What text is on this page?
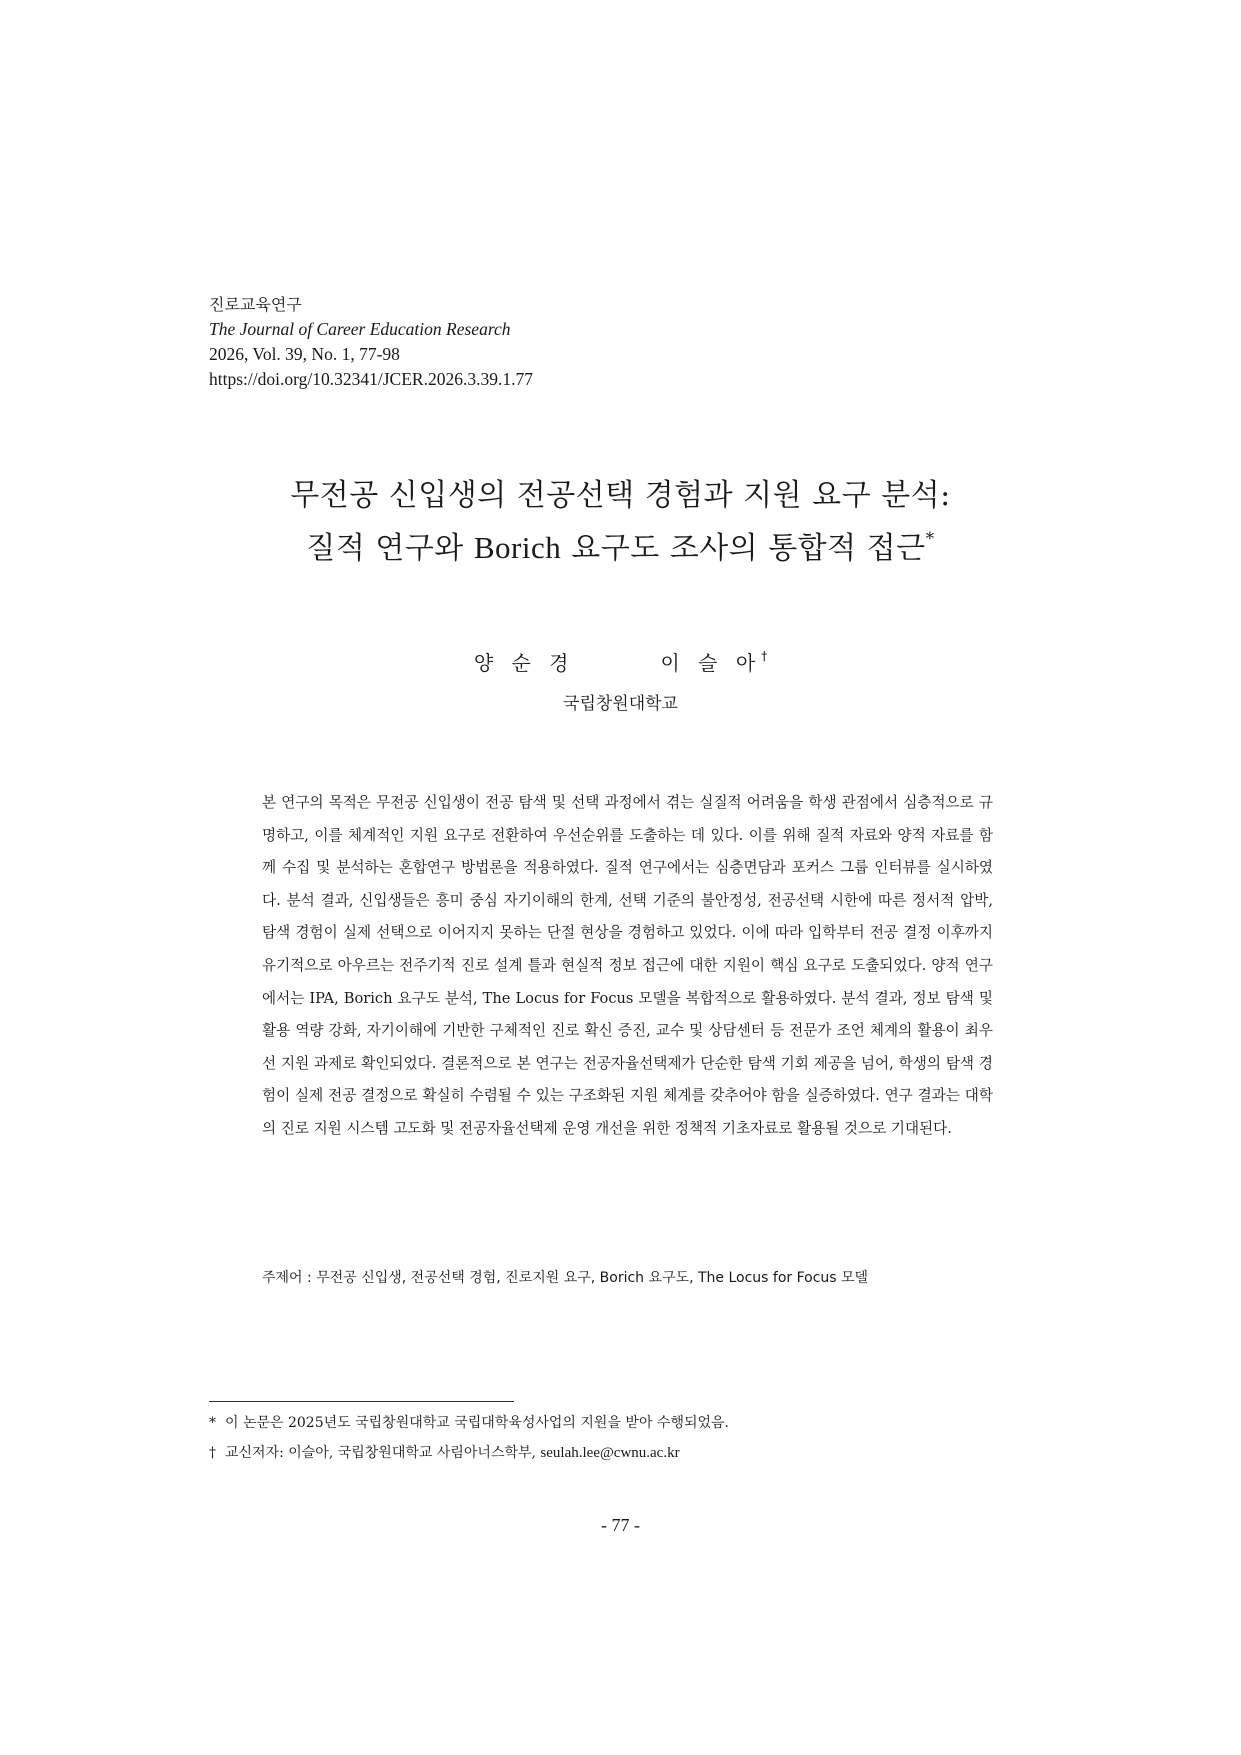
진로교육연구
The Journal of Career Education Research
2026, Vol. 39, No. 1, 77-98
https://doi.org/10.32341/JCER.2026.3.39.1.77
무전공 신입생의 전공선택 경험과 지원 요구 분석:
질적 연구와 Borich 요구도 조사의 통합적 접근*
양 순 경	이 슬 아†
국립창원대학교

본 연구의 목적은 무전공 신입생이 전공 탐색 및 선택 과정에서 겪는 실질적 어려움을 학생 관점에서 심층적으로 규명하고, 이를 체계적인 지원 요구로 전환하여 우선순위를 도출하는 데 있다. 이를 위해 질적 자료와 양적 자료를 함께 수집 및 분석하는 혼합연구 방법론을 적용하였다. 질적 연구에서는 심층면담과 포커스 그룹 인터뷰를 실시하였다. 분석 결과, 신입생들은 흥미 중심 자기이해의 한계, 선택 기준의 불안정성, 전공선택 시한에 따른 정서적 압박, 탐색 경험이 실제 선택으로 이어지지 못하는 단절 현상을 경험하고 있었다. 이에 따라 입학부터 전공 결정 이후까지 유기적으로 아우르는 전주기적 진로 설계 틀과 현실적 정보 접근에 대한 지원이 핵심 요구로 도출되었다. 양적 연구에서는 IPA, Borich 요구도 분석, The Locus for Focus 모델을 복합적으로 활용하였다. 분석 결과, 정보 탐색 및 활용 역량 강화, 자기이해에 기반한 구체적인 진로 확신 증진, 교수 및 상담센터 등 전문가 조언 체계의 활용이 최우선 지원 과제로 확인되었다. 결론적으로 본 연구는 전공자율선택제가 단순한 탐색 기회 제공을 넘어, 학생의 탐색 경험이 실제 전공 결정으로 확실히 수렴될 수 있는 구조화된 지원 체계를 갖추어야 함을 실증하였다. 연구 결과는 대학의 진로 지원 시스템 고도화 및 전공자율선택제 운영 개선을 위한 정책적 기초자료로 활용될 것으로 기대된다.

주제어 : 무전공 신입생, 전공선택 경험, 진로지원 요구, Borich 요구도, The Locus for Focus 모델
* 이 논문은 2025년도 국립창원대학교 국립대학육성사업의 지원을 받아 수행되었음.
† 교신저자: 이슬아, 국립창원대학교 사림아너스학부, seulah.lee@cwnu.ac.kr
- 77 -
